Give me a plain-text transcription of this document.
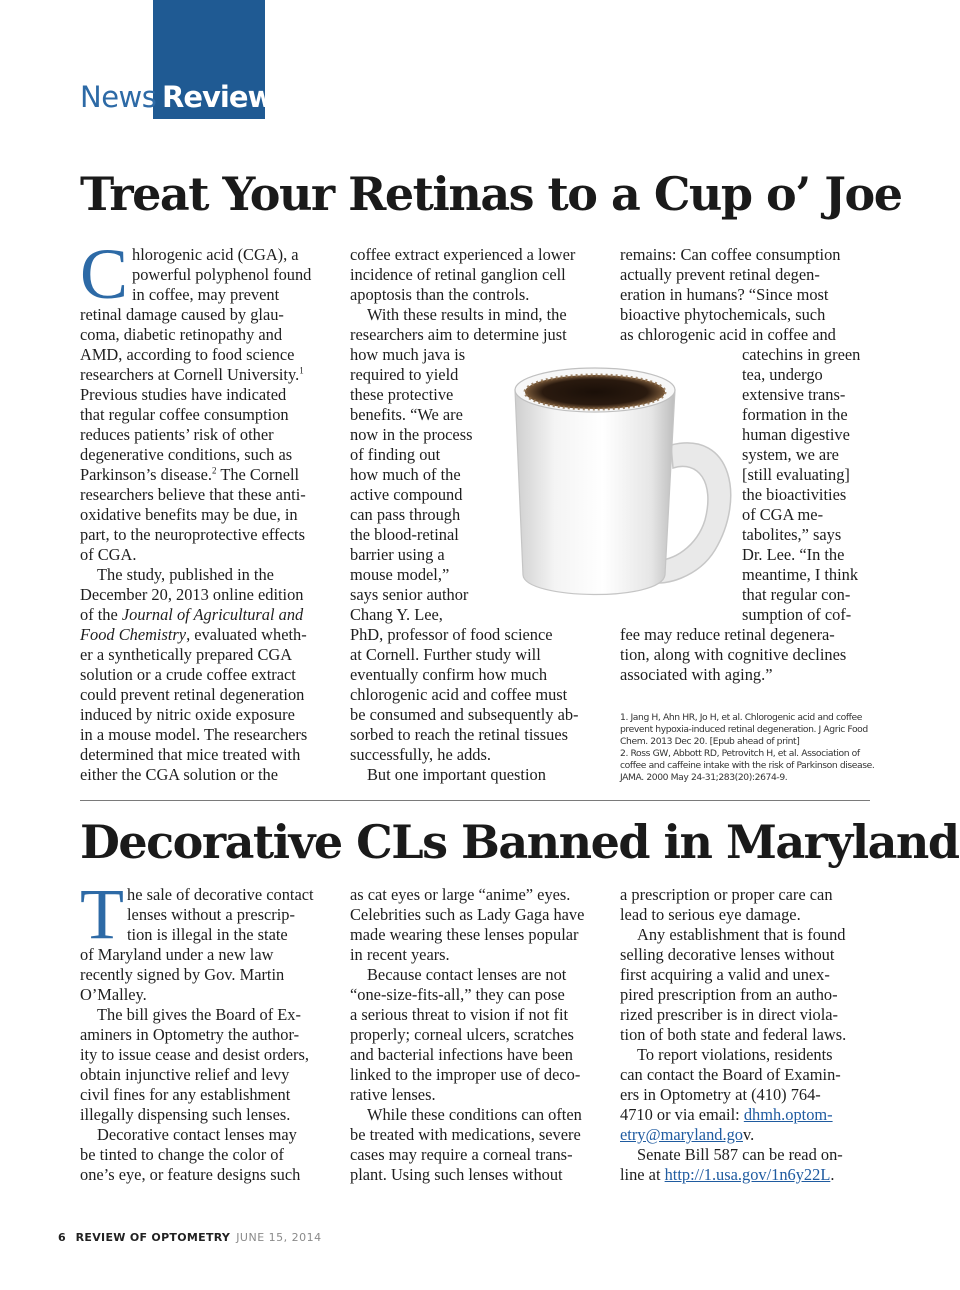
News Review
Treat Your Retinas to a Cup o’ Joe
C hlorogenic acid (CGA), a
powerful polyphenol found
in coffee, may prevent
retinal damage caused by glau-
coma, diabetic retinopathy and
AMD, according to food science
researchers at Cornell University.$^1$
Previous studies have indicated
that regular coffee consumption
reduces patients’ risk of other
degenerative conditions, such as
Parkinson’s disease.$^2$ The Cornell
researchers believe that these anti-
oxidative benefits may be due, in
part, to the neuroprotective effects
of CGA.
The study, published in the
December 20, 2013 online edition
of the Journal of Agricultural and
Food Chemistry, evaluated wheth-
er a synthetically prepared CGA
solution or a crude coffee extract
could prevent retinal degeneration
induced by nitric oxide exposure
in a mouse model. The researchers
determined that mice treated with
either the CGA solution or the
coffee extract experienced a lower
incidence of retinal ganglion cell
apoptosis than the controls.
With these results in mind, the
researchers aim to determine just
how much java is
required to yield
these protective
benefits. “We are
now in the process
of finding out
how much of the
active compound
can pass through
the blood-retinal
barrier using a
mouse model,”
says senior author
Chang Y. Lee,
PhD, professor of food science
at Cornell. Further study will
eventually confirm how much
chlorogenic acid and coffee must
be consumed and subsequently ab-
sorbed to reach the retinal tissues
successfully, he adds.
But one important question
remains: Can coffee consumption
actually prevent retinal degen-
eration in humans? “Since most
bioactive phytochemicals, such
as chlorogenic acid in coffee and
catechins in green
tea, undergo
extensive trans-
formation in the
human digestive
system, we are
[still evaluating]
the bioactivities
of CGA me-
tabolites,” says
Dr. Lee. “In the
meantime, I think
that regular con-
sumption of cof-
fee may reduce retinal degenera-
tion, along with cognitive declines
associated with aging.”
1. Jang H, Ahn HR, Jo H, et al. Chlorogenic acid and coffee
prevent hypoxia-induced retinal degeneration. J Agric Food
Chem. 2013 Dec 20. [Epub ahead of print]
2. Ross GW, Abbott RD, Petrovitch H, et al. Association of
coffee and caffeine intake with the risk of Parkinson disease.
JAMA. 2000 May 24-31;283(20):2674-9.
Decorative CLs Banned in Maryland
T he sale of decorative contact
lenses without a prescrip-
tion is illegal in the state
of Maryland under a new law
recently signed by Gov. Martin
O’Malley.
The bill gives the Board of Ex-
aminers in Optometry the author-
ity to issue cease and desist orders,
obtain injunctive relief and levy
civil fines for any establishment
illegally dispensing such lenses.
Decorative contact lenses may
be tinted to change the color of
one’s eye, or feature designs such
as cat eyes or large “anime” eyes.
Celebrities such as Lady Gaga have
made wearing these lenses popular
in recent years.
Because contact lenses are not
“one-size-fits-all,” they can pose
a serious threat to vision if not fit
properly; corneal ulcers, scratches
and bacterial infections have been
linked to the improper use of deco-
rative lenses.
While these conditions can often
be treated with medications, severe
cases may require a corneal trans-
plant. Using such lenses without
a prescription or proper care can
lead to serious eye damage.
Any establishment that is found
selling decorative lenses without
first acquiring a valid and unex-
pired prescription from an autho-
rized prescriber is in direct viola-
tion of both state and federal laws.
To report violations, residents
can contact the Board of Examin-
ers in Optometry at (410) 764-
4710 or via email: dhmh.optom-
etry@maryland.gov.
Senate Bill 587 can be read on-
line at http://1.usa.gov/1n6y22L.
6 REVIEW OF OPTOMETRY JUNE 15, 2014
